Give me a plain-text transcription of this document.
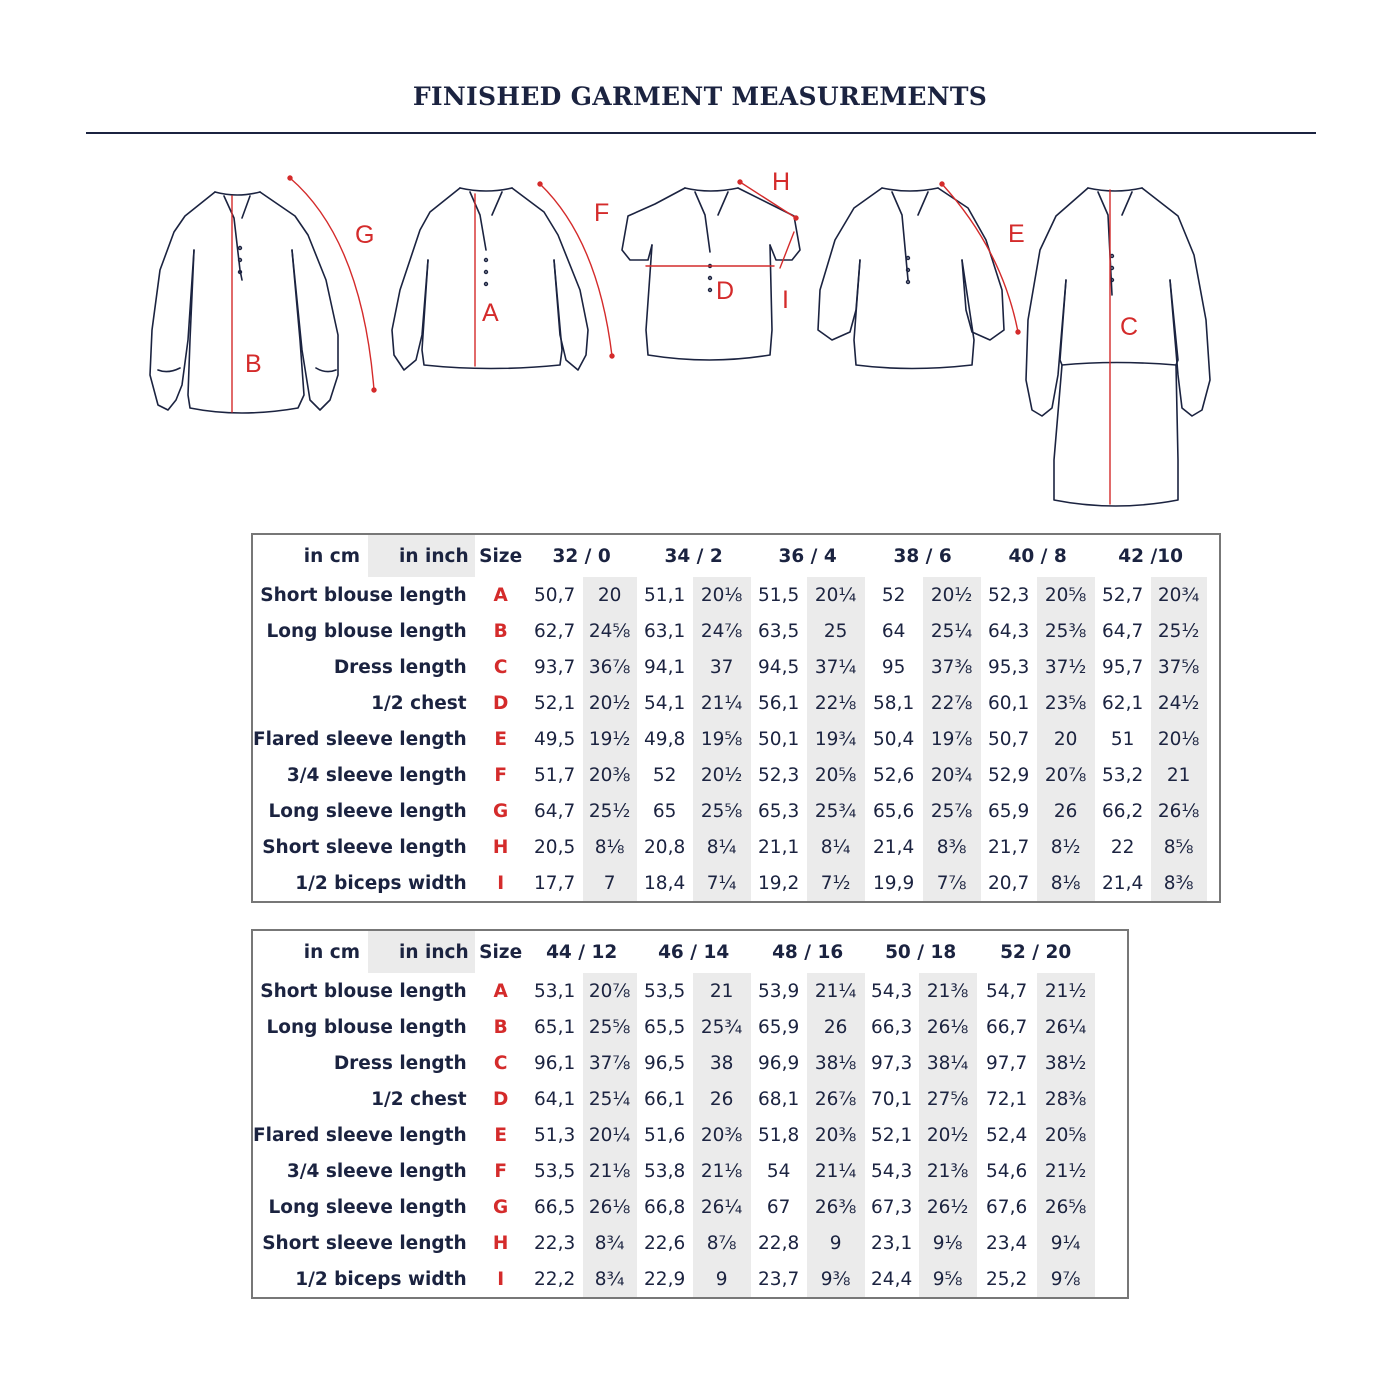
FINISHED GARMENT MEASUREMENTS
G
B
F
A
H
D I
E
C
in cm	in inch	Size	32 / 0		34 / 2		36 / 4		38 / 6		40 / 8		42 /10	
Short blouse length		A	50,7	20	51,1	20⅛	51,5	20¼	52	20½	52,3	20⅝	52,7	20¾
Long blouse length		B	62,7	24⅝	63,1	24⅞	63,5	25	64	25¼	64,3	25⅜	64,7	25½
Dress length		C	93,7	36⅞	94,1	37	94,5	37¼	95	37⅜	95,3	37½	95,7	37⅝
1/2 chest		D	52,1	20½	54,1	21¼	56,1	22⅛	58,1	22⅞	60,1	23⅝	62,1	24½
Flared sleeve length		E	49,5	19½	49,8	19⅝	50,1	19¾	50,4	19⅞	50,7	20	51	20⅛
3/4 sleeve length		F	51,7	20⅜	52	20½	52,3	20⅝	52,6	20¾	52,9	20⅞	53,2	21
Long sleeve length		G	64,7	25½	65	25⅝	65,3	25¾	65,6	25⅞	65,9	26	66,2	26⅛
Short sleeve length		H	20,5	8⅛	20,8	8¼	21,1	8¼	21,4	8⅜	21,7	8½	22	8⅝
1/2 biceps width		I	17,7	7	18,4	7¼	19,2	7½	19,9	7⅞	20,7	8⅛	21,4	8⅜
in cm	in inch	Size	44 / 12		46 / 14		48 / 16		50 / 18		52 / 20	
Short blouse length		A	53,1	20⅞	53,5	21	53,9	21¼	54,3	21⅜	54,7	21½
Long blouse length		B	65,1	25⅝	65,5	25¾	65,9	26	66,3	26⅛	66,7	26¼
Dress length		C	96,1	37⅞	96,5	38	96,9	38⅛	97,3	38¼	97,7	38½
1/2 chest		D	64,1	25¼	66,1	26	68,1	26⅞	70,1	27⅝	72,1	28⅜
Flared sleeve length		E	51,3	20¼	51,6	20⅜	51,8	20⅜	52,1	20½	52,4	20⅝
3/4 sleeve length		F	53,5	21⅛	53,8	21⅛	54	21¼	54,3	21⅜	54,6	21½
Long sleeve length		G	66,5	26⅛	66,8	26¼	67	26⅜	67,3	26½	67,6	26⅝
Short sleeve length		H	22,3	8¾	22,6	8⅞	22,8	9	23,1	9⅛	23,4	9¼
1/2 biceps width		I	22,2	8¾	22,9	9	23,7	9⅜	24,4	9⅝	25,2	9⅞
